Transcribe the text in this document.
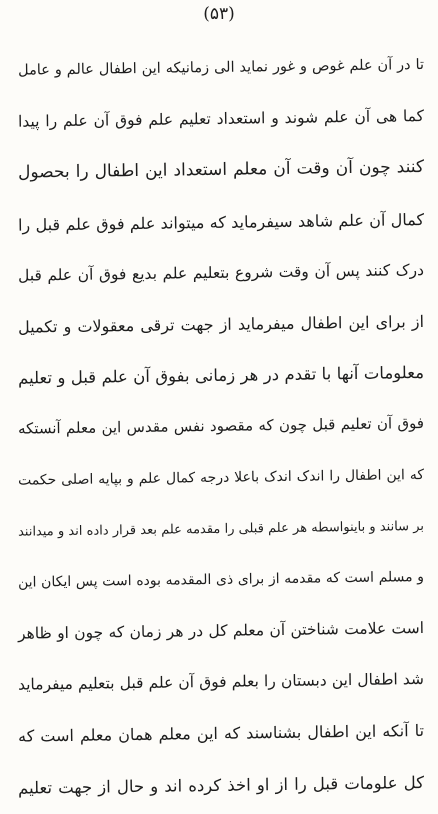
(۵۳)
تا در آن علم غوص و غور نماید الی زمانیکه این اطفال عالم و عامل
کما هی آن علم شوند و استعداد تعلیم علم فوق آن علم را پیدا
کنند چون آن وقت آن معلم استعداد این اطفال را بحصول
کمال آن علم شاهد سیفرماید که میتواند علم فوق علم قبل را
درک کنند پس آن وقت شروع بتعلیم علم بدیع فوق آن علم قبل
از برای این اطفال میفرماید از جهت ترقی معقولات و تکمیل
معلومات آنها با تقدم در هر زمانی بفوق آن علم قبل و تعلیم
فوق آن تعلیم قبل چون که مقصود نفس مقدس این معلم آنستکه
که این اطفال را اندک اندک باعلا درجه کمال علم و بپایه اصلی حکمت
بر سانند و باینواسطه هر علم قبلی را مقدمه علم بعد قرار داده اند و میدانند
و مسلم است که مقدمه از برای ذی المقدمه بوده است پس ایکان این
است علامت شناختن آن معلم کل در هر زمان که چون او ظاهر
شد اطفال این دبستان را بعلم فوق آن علم قبل بتعلیم میفرماید
تا آنکه این اطفال بشناسند که این معلم همان معلم است که
کل علومات قبل را از او اخذ کرده اند و حال از جهت تعلیم
